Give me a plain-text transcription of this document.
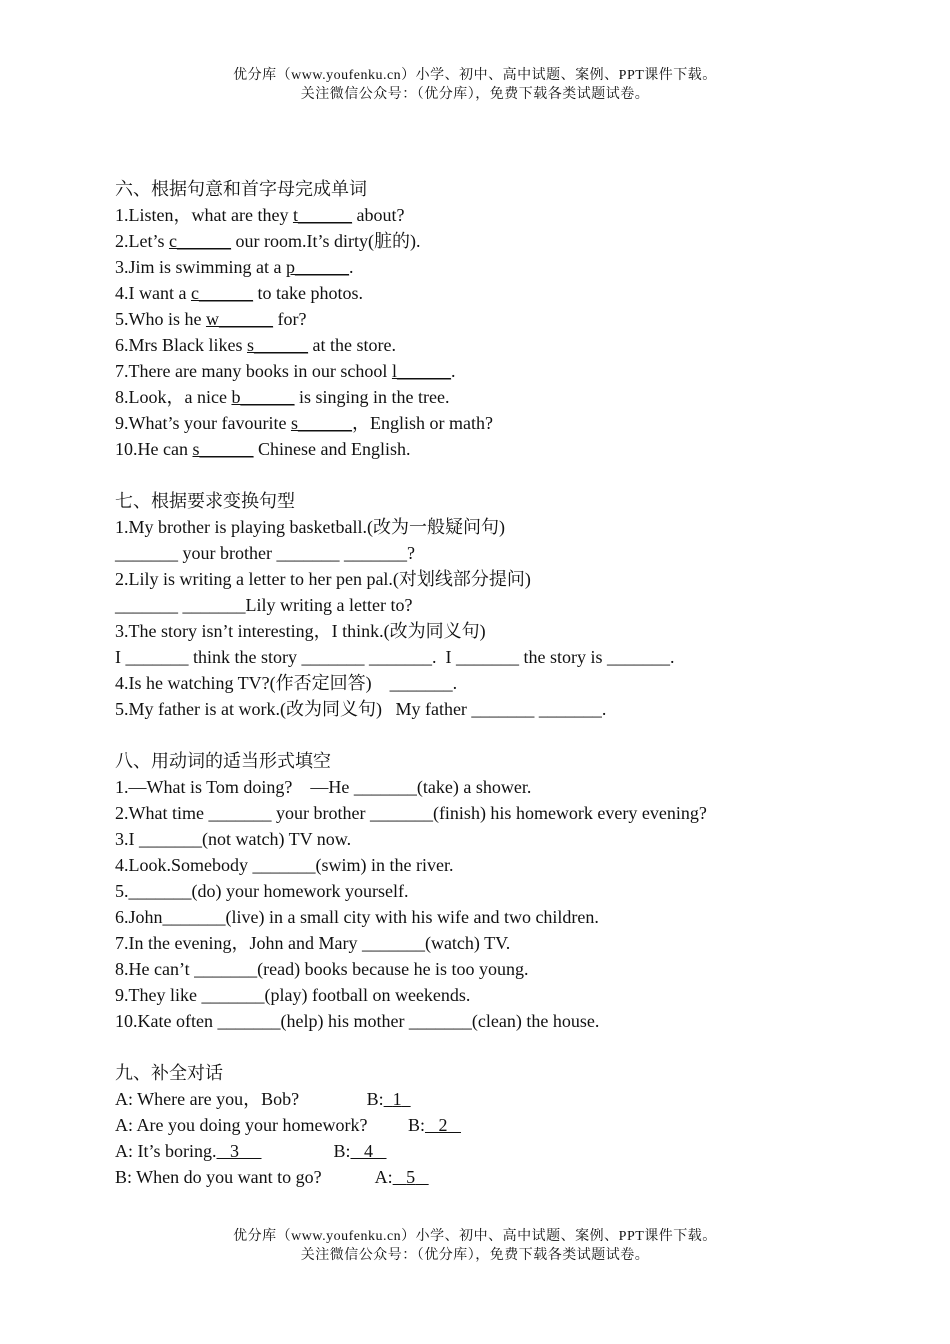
优分库（www.youfenku.cn）小学、初中、高中试题、案例、PPT课件下载。
关注微信公众号：（优分库），免费下载各类试题试卷。
六、根据句意和首字母完成单词
1.Listen，what are they t______ about?
2.Let’s c______ our room.It’s dirty(脏的).
3.Jim is swimming at a p______.
4.I want a c______ to take photos.
5.Who is he w______ for?
6.Mrs Black likes s______ at the store.
7.There are many books in our school l______.
8.Look，a nice b______ is singing in the tree.
9.What’s your favourite s______，English or math?
10.He can s______ Chinese and English.
七、根据要求变换句型
1.My brother is playing basketball.(改为一般疑问句)
_______ your brother _______ _______?
2.Lily is writing a letter to her pen pal.(对划线部分提问)
_______ _______Lily writing a letter to?
3.The story isn’t interesting，I think.(改为同义句)
I _______ think the story _______ _______.  I _______ the story is _______.
4.Is he watching TV?(作否定回答)    _______.
5.My father is at work.(改为同义句)   My father _______ _______.
八、用动词的适当形式填空
1.—What is Tom doing?    —He _______(take) a shower.
2.What time _______ your brother _______(finish) his homework every evening?
3.I _______(not watch) TV now.
4.Look.Somebody _______(swim) in the river.
5._______(do) your homework yourself.
6.John_______(live) in a small city with his wife and two children.
7.In the evening，John and Mary _______(watch) TV.
8.He can’t _______(read) books because he is too young.
9.They like _______(play) football on weekends.
10.Kate often _______(help) his mother _______(clean) the house.
九、补全对话
A: Where are you，Bob?	B: 1
A: Are you doing your homework? B: 2
A: It’s boring. 3	B: 4
B: When do you want to go?	A: 5
优分库（www.youfenku.cn）小学、初中、高中试题、案例、PPT课件下载。
关注微信公众号：（优分库），免费下载各类试题试卷。
